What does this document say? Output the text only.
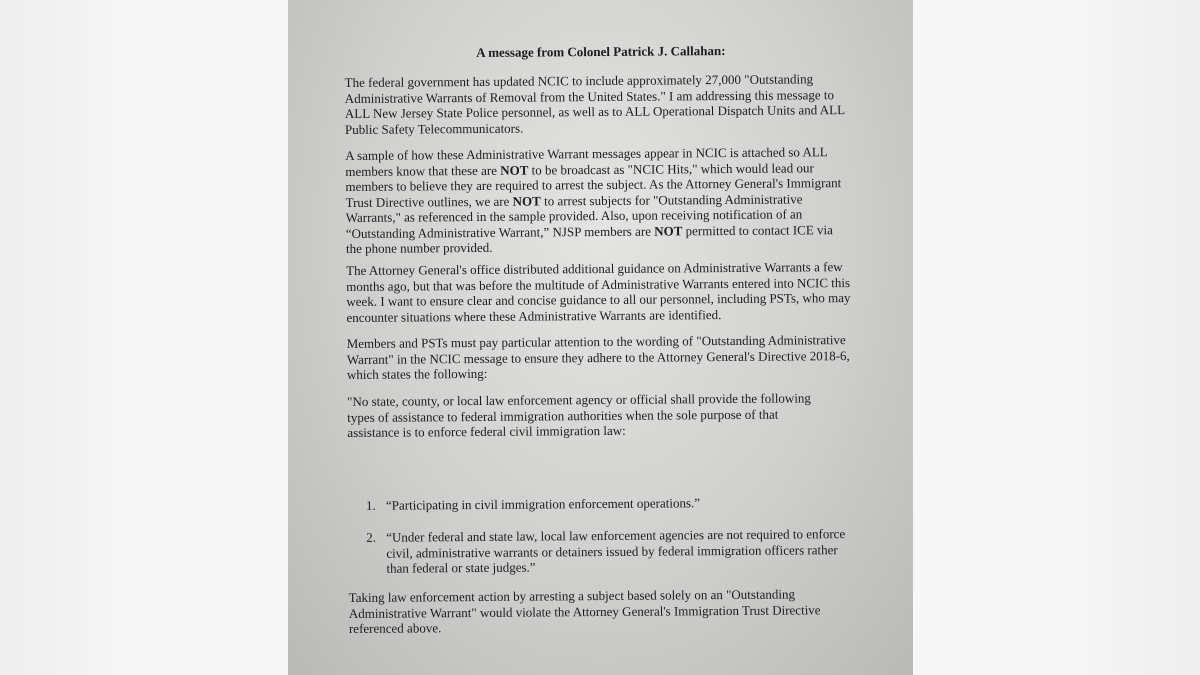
A message from Colonel Patrick J. Callahan:

The federal government has updated NCIC to include approximately 27,000 "Outstanding Administrative Warrants of Removal from the United States." I am addressing this message to ALL New Jersey State Police personnel, as well as to ALL Operational Dispatch Units and ALL Public Safety Telecommunicators.

A sample of how these Administrative Warrant messages appear in NCIC is attached so ALL members know that these are NOT to be broadcast as "NCIC Hits," which would lead our members to believe they are required to arrest the subject. As the Attorney General's Immigrant Trust Directive outlines, we are NOT to arrest subjects for "Outstanding Administrative Warrants," as referenced in the sample provided. Also, upon receiving notification of an “Outstanding Administrative Warrant,” NJSP members are NOT permitted to contact ICE via the phone number provided.

The Attorney General's office distributed additional guidance on Administrative Warrants a few months ago, but that was before the multitude of Administrative Warrants entered into NCIC this week. I want to ensure clear and concise guidance to all our personnel, including PSTs, who may encounter situations where these Administrative Warrants are identified.

Members and PSTs must pay particular attention to the wording of "Outstanding Administrative Warrant" in the NCIC message to ensure they adhere to the Attorney General's Directive 2018-6, which states the following:

"No state, county, or local law enforcement agency or official shall provide the following types of assistance to federal immigration authorities when the sole purpose of that assistance is to enforce federal civil immigration law:

1. “Participating in civil immigration enforcement operations.”
2. “Under federal and state law, local law enforcement agencies are not required to enforce civil, administrative warrants or detainers issued by federal immigration officers rather than federal or state judges.”

Taking law enforcement action by arresting a subject based solely on an "Outstanding Administrative Warrant" would violate the Attorney General's Immigration Trust Directive referenced above.
